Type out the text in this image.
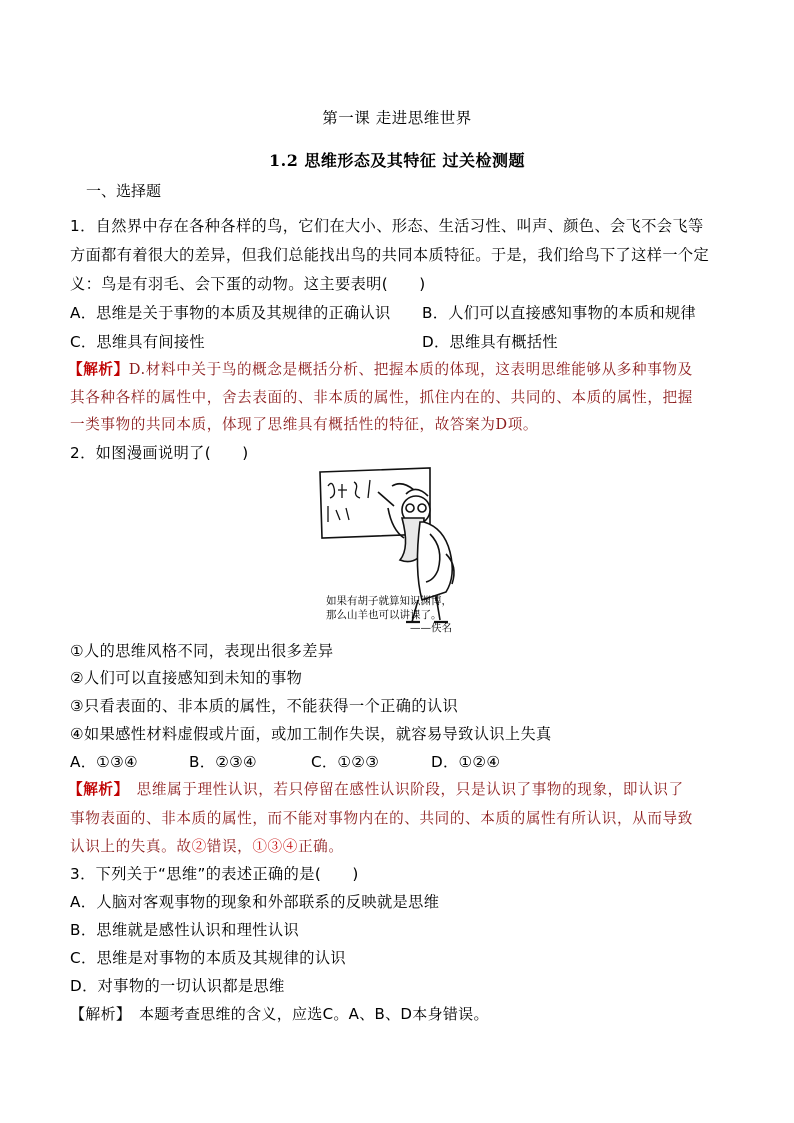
第一课 走进思维世界
1.2 思维形态及其特征 过关检测题
一、选择题
1．自然界中存在各种各样的鸟，它们在大小、形态、生活习性、叫声、颜色、会飞不会飞等
方面都有着很大的差异，但我们总能找出鸟的共同本质特征。于是，我们给鸟下了这样一个定
义：鸟是有羽毛、会下蛋的动物。这主要表明(　　)
A．思维是关于事物的本质及其规律的正确认识 B．人们可以直接感知事物的本质和规律
C．思维具有间接性	D．思维具有概括性
【解析】D.材料中关于鸟的概念是概括分析、把握本质的体现，这表明思维能够从多种事物及
其各种各样的属性中，舍去表面的、非本质的属性，抓住内在的、共同的、本质的属性，把握
一类事物的共同本质，体现了思维具有概括性的特征，故答案为D项。
2．如图漫画说明了(　　)
如果有胡子就算知识渊博，
那么山羊也可以讲课了。
——佚名
①人的思维风格不同，表现出很多差异
②人们可以直接感知到未知的事物
③只看表面的、非本质的属性，不能获得一个正确的认识
④如果感性材料虚假或片面，或加工制作失误，就容易导致认识上失真
A．①③④	B．②③④	C．①②③	D．①②④
【解析】　思维属于理性认识，若只停留在感性认识阶段，只是认识了事物的现象，即认识了
事物表面的、非本质的属性，而不能对事物内在的、共同的、本质的属性有所认识，从而导致
认识上的失真。故②错误，①③④正确。
3．下列关于“思维”的表述正确的是(　　)
A．人脑对客观事物的现象和外部联系的反映就是思维
B．思维就是感性认识和理性认识
C．思维是对事物的本质及其规律的认识
D．对事物的一切认识都是思维
【解析】　本题考查思维的含义，应选C。A、B、D本身错误。
